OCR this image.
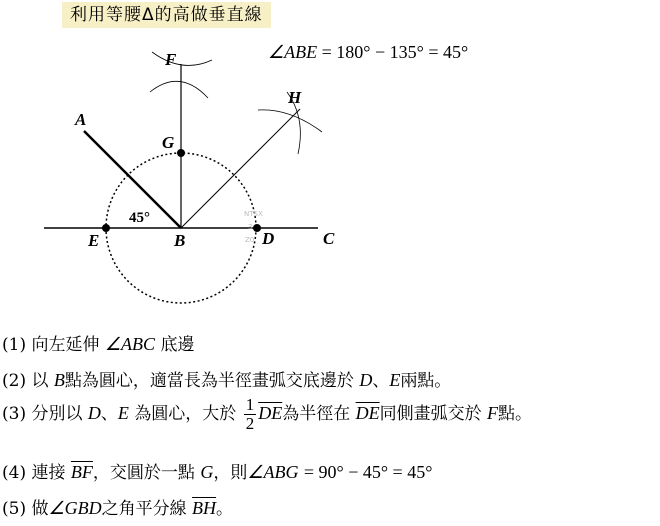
利用等腰Δ的高做垂直線
∠ABE = 180° − 135° = 45°
A
F
G
H
E	B	D	C
45°	NTSX
3
Z0
(1) 向左延伸 ∠ABC 底邊
(2) 以 B點為圓心，適當長為半徑畫弧交底邊於 D、E兩點。
(3) 分別以 D、E 為圓心，大於 $\frac{1}{2} \overline{DE}$為半徑在 $\overline{DE}$同側畫弧交於 F點。
(4) 連接 $\overline{BF}$，交圓於一點 G，則∠ABG = 90° − 45° = 45°
(5) 做∠GBD之角平分線 $\overline{BH}$。
